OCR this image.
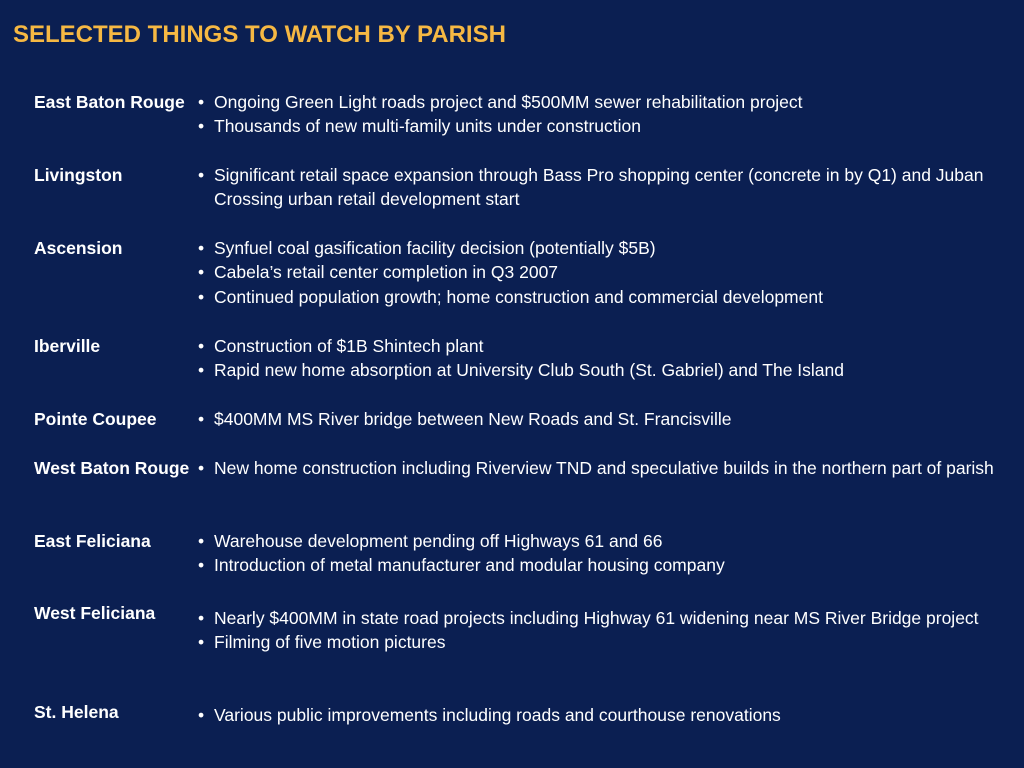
SELECTED THINGS TO WATCH BY PARISH
East Baton Rouge • Ongoing Green Light roads project and $500MM sewer rehabilitation project
• Thousands of new multi-family units under construction
Livingston	• Significant retail space expansion through Bass Pro shopping center (concrete in by Q1) and Juban Crossing urban retail development start
Ascension	• Synfuel coal gasification facility decision (potentially $5B)
• Cabela’s retail center completion in Q3 2007
• Continued population growth; home construction and commercial development
Iberville	• Construction of $1B Shintech plant
• Rapid new home absorption at University Club South (St. Gabriel) and The Island
Pointe Coupee	• $400MM MS River bridge between New Roads and St. Francisville
West Baton Rouge • New home construction including Riverview TND and speculative builds in the northern part of parish
East Feliciana	• Warehouse development pending off Highways 61 and 66
• Introduction of metal manufacturer and modular housing company
West Feliciana	• Nearly $400MM in state road projects including Highway 61 widening near MS River Bridge project
• Filming of five motion pictures
St. Helena	• Various public improvements including roads and courthouse renovations
